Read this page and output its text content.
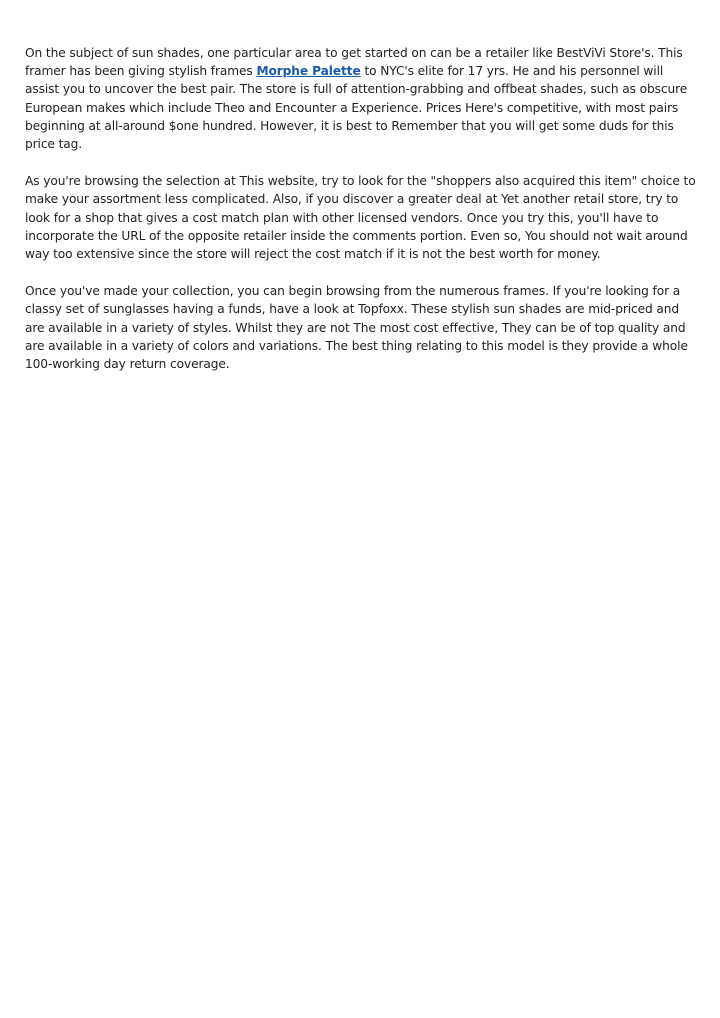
On the subject of sun shades, one particular area to get started on can be a retailer like BestViVi Store's. This framer has been giving stylish frames Morphe Palette to NYC's elite for 17 yrs. He and his personnel will assist you to uncover the best pair. The store is full of attention-grabbing and offbeat shades, such as obscure European makes which include Theo and Encounter a Experience. Prices Here's competitive, with most pairs beginning at all-around $one hundred. However, it is best to Remember that you will get some duds for this price tag.

As you're browsing the selection at This website, try to look for the "shoppers also acquired this item" choice to make your assortment less complicated. Also, if you discover a greater deal at Yet another retail store, try to look for a shop that gives a cost match plan with other licensed vendors. Once you try this, you'll have to incorporate the URL of the opposite retailer inside the comments portion. Even so, You should not wait around way too extensive since the store will reject the cost match if it is not the best worth for money.

Once you've made your collection, you can begin browsing from the numerous frames. If you're looking for a classy set of sunglasses having a funds, have a look at Topfoxx. These stylish sun shades are mid-priced and are available in a variety of styles. Whilst they are not The most cost effective, They can be of top quality and are available in a variety of colors and variations. The best thing relating to this model is they provide a whole 100-working day return coverage.
